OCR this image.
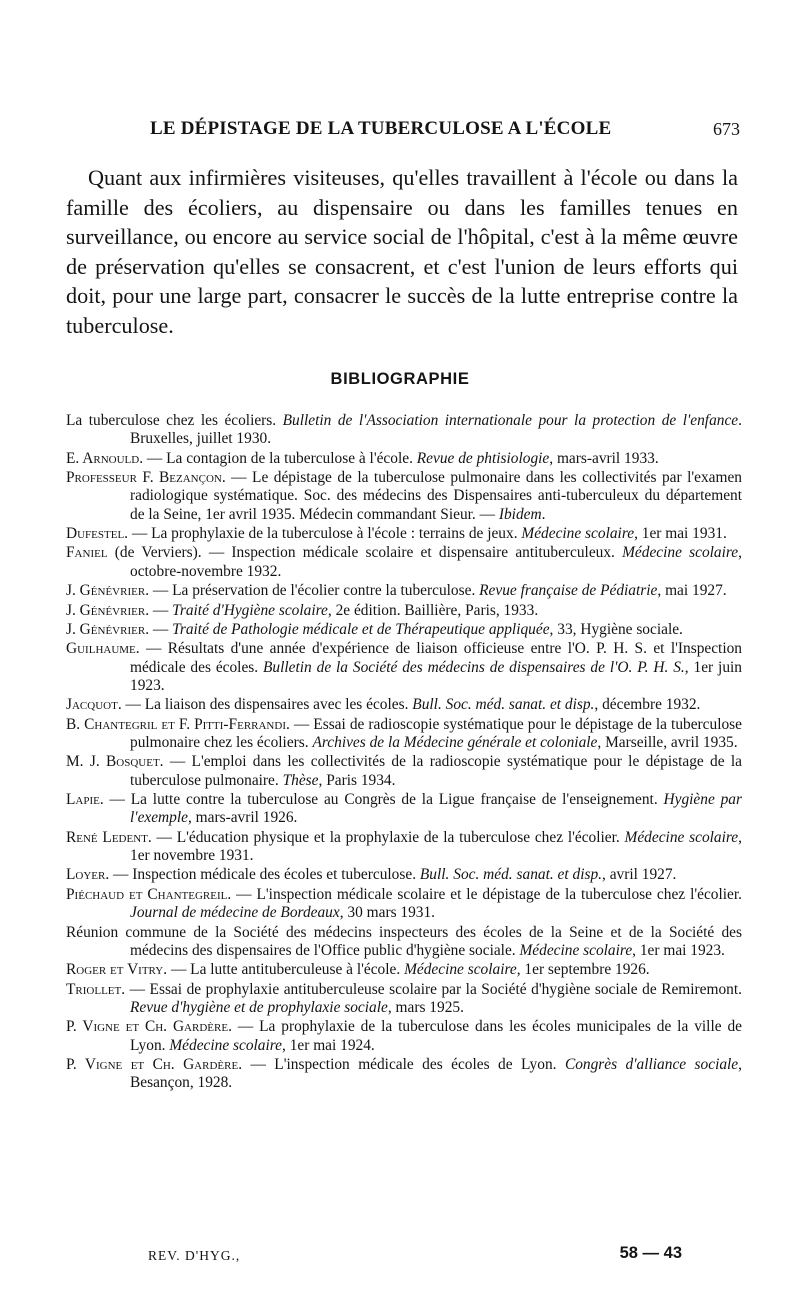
LE DÉPISTAGE DE LA TUBERCULOSE A L'ÉCOLE	673

Quant aux infirmières visiteuses, qu'elles travaillent à l'école ou dans la famille des écoliers, au dispensaire ou dans les familles tenues en surveillance, ou encore au service social de l'hôpital, c'est à la même œuvre de préservation qu'elles se consacrent, et c'est l'union de leurs efforts qui doit, pour une large part, consacrer le succès de la lutte entreprise contre la tuberculose.

BIBLIOGRAPHIE
La tuberculose chez les écoliers. Bulletin de l'Association internationale pour la protection de l'enfance. Bruxelles, juillet 1930.
E. Arnould. — La contagion de la tuberculose à l'école. Revue de phtisiologie, mars-avril 1933.
Professeur F. Bezançon. — Le dépistage de la tuberculose pulmonaire dans les collectivités par l'examen radiologique systématique. Soc. des médecins des Dispensaires anti-tuberculeux du département de la Seine, 1er avril 1935. Médecin commandant Sieur. — Ibidem.
Dufestel. — La prophylaxie de la tuberculose à l'école : terrains de jeux. Médecine scolaire, 1er mai 1931.
Faniel (de Verviers). — Inspection médicale scolaire et dispensaire antituberculeux. Médecine scolaire, octobre-novembre 1932.
J. Génévrier. — La préservation de l'écolier contre la tuberculose. Revue française de Pédiatrie, mai 1927.
J. Génévrier. — Traité d'Hygiène scolaire, 2e édition. Baillière, Paris, 1933.
J. Génévrier. — Traité de Pathologie médicale et de Thérapeutique appliquée, 33, Hygiène sociale.
Guilhaume. — Résultats d'une année d'expérience de liaison officieuse entre l'O. P. H. S. et l'Inspection médicale des écoles. Bulletin de la Société des médecins de dispensaires de l'O. P. H. S., 1er juin 1923.
Jacquot. — La liaison des dispensaires avec les écoles. Bull. Soc. méd. sanat. et disp., décembre 1932.
B. Chantegril et F. Pitti-Ferrandi. — Essai de radioscopie systématique pour le dépistage de la tuberculose pulmonaire chez les écoliers. Archives de la Médecine générale et coloniale, Marseille, avril 1935.
M. J. Bosquet. — L'emploi dans les collectivités de la radioscopie systématique pour le dépistage de la tuberculose pulmonaire. Thèse, Paris 1934.
Lapie. — La lutte contre la tuberculose au Congrès de la Ligue française de l'enseignement. Hygiène par l'exemple, mars-avril 1926.
René Ledent. — L'éducation physique et la prophylaxie de la tuberculose chez l'écolier. Médecine scolaire, 1er novembre 1931.
Loyer. — Inspection médicale des écoles et tuberculose. Bull. Soc. méd. sanat. et disp., avril 1927.
Piéchaud et Chantegreil. — L'inspection médicale scolaire et le dépistage de la tuberculose chez l'écolier. Journal de médecine de Bordeaux, 30 mars 1931.
Réunion commune de la Société des médecins inspecteurs des écoles de la Seine et de la Société des médecins des dispensaires de l'Office public d'hygiène sociale. Médecine scolaire, 1er mai 1923.
Roger et Vitry. — La lutte antituberculeuse à l'école. Médecine scolaire, 1er septembre 1926.
Triollet. — Essai de prophylaxie antituberculeuse scolaire par la Société d'hygiène sociale de Remiremont. Revue d'hygiène et de prophylaxie sociale, mars 1925.
P. Vigne et Ch. Gardère. — La prophylaxie de la tuberculose dans les écoles municipales de la ville de Lyon. Médecine scolaire, 1er mai 1924.
P. Vigne et Ch. Gardère. — L'inspection médicale des écoles de Lyon. Congrès d'alliance sociale, Besançon, 1928.
REV. D'HYG.,	58 — 43
